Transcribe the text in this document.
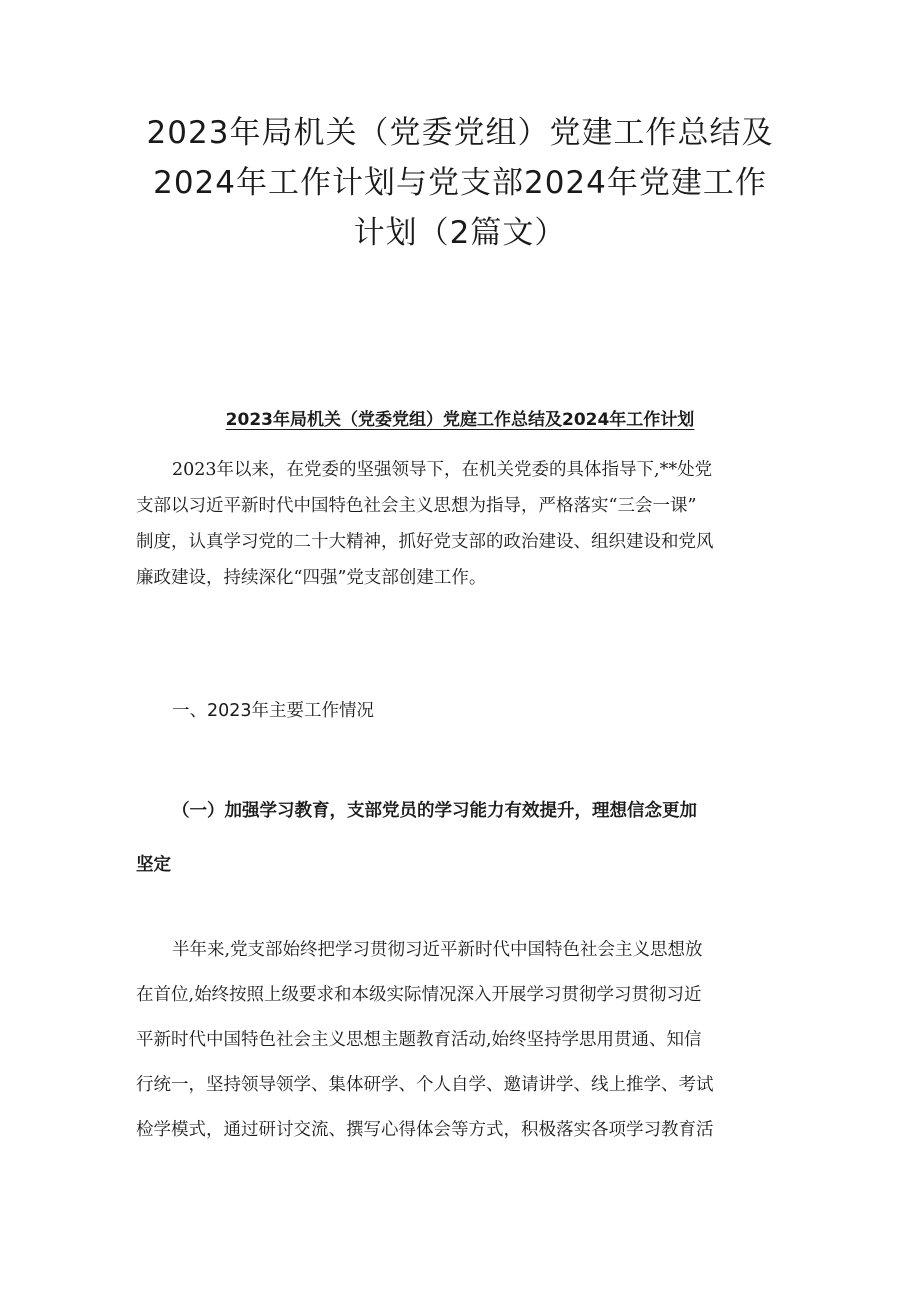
2023年局机关（党委党组）党建工作总结及
2024年工作计划与党支部2024年党建工作
计划（2篇文）
2023年局机关（党委党组）党庭工作总结及2024年工作计划

2023年以来，在党委的坚强领导下，在机关党委的具体指导下,**处党
支部以习近平新时代中国特色社会主义思想为指导，严格落实“三会一课”
制度，认真学习党的二十大精神，抓好党支部的政治建设、组织建设和党风
廉政建设，持续深化“四强”党支部创建工作。

一、2023年主要工作情况
（一）加强学习教育，支部党员的学习能力有效提升，理想信念更加
坚定

半年来,党支部始终把学习贯彻习近平新时代中国特色社会主义思想放
在首位,始终按照上级要求和本级实际情况深入开展学习贯彻学习贯彻习近
平新时代中国特色社会主义思想主题教育活动,始终坚持学思用贯通、知信
行统一，坚持领导领学、集体研学、个人自学、邀请讲学、线上推学、考试
检学模式，通过研讨交流、撰写心得体会等方式，积极落实各项学习教育活
